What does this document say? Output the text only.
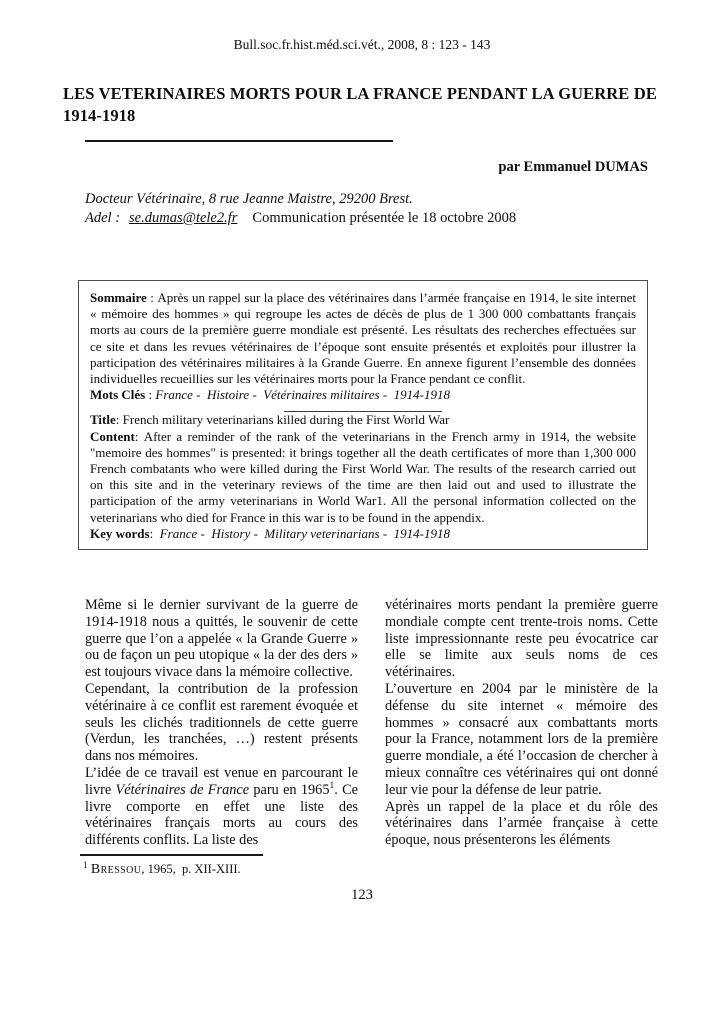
Bull.soc.fr.hist.méd.sci.vét., 2008, 8 : 123 - 143
LES VETERINAIRES MORTS POUR LA FRANCE PENDANT LA GUERRE DE 1914-1918
par Emmanuel DUMAS
Docteur Vétérinaire, 8 rue Jeanne Maistre, 29200 Brest.
Adel : se.dumas@tele2.fr Communication présentée le 18 octobre 2008

Sommaire : Après un rappel sur la place des vétérinaires dans l’armée française en 1914, le site internet « mémoire des hommes » qui regroupe les actes de décès de plus de 1 300 000 combattants français morts au cours de la première guerre mondiale est présenté. Les résultats des recherches effectuées sur ce site et dans les revues vétérinaires de l’époque sont ensuite présentés et exploités pour illustrer la participation des vétérinaires militaires à la Grande Guerre. En annexe figurent l’ensemble des données individuelles recueillies sur les vétérinaires morts pour la France pendant ce conflit.

Mots Clés : France -  Histoire -  Vétérinaires militaires -  1914-1918

Title: French military veterinarians killed during the First World War

Content: After a reminder of the rank of the veterinarians in the French army in 1914, the website "memoire des hommes" is presented: it brings together all the death certificates of more than 1,300 000 French combatants who were killed during the First World War. The results of the research carried out on this site and in the veterinary reviews of the time are then laid out and used to illustrate the participation of the army veterinarians in World War1. All the personal information collected on the veterinarians who died for France in this war is to be found in the appendix.

Key words:  France -  History -  Military veterinarians -  1914-1918

Même si le dernier survivant de la guerre de 1914-1918 nous a quittés, le souvenir de cette guerre que l’on a appelée « la Grande Guerre » ou de façon un peu utopique « la der des ders » est toujours vivace dans la mémoire collective.

Cependant, la contribution de la profession vétérinaire à ce conflit est rarement évoquée et seuls les clichés traditionnels de cette guerre (Verdun, les tranchées, …) restent présents dans nos mémoires.

L’idée de ce travail est venue en parcourant le livre Vétérinaires de France paru en 1965$^1$. Ce livre comporte en effet une liste des vétérinaires français morts au cours des différents conflits. La liste des

vétérinaires morts pendant la première guerre mondiale compte cent trente-trois noms. Cette liste impressionnante reste peu évocatrice car elle se limite aux seuls noms de ces vétérinaires.

L’ouverture en 2004 par le ministère de la défense du site internet « mémoire des hommes » consacré aux combattants morts pour la France, notamment lors de la première guerre mondiale, a été l’occasion de chercher à mieux connaître ces vétérinaires qui ont donné leur vie pour la défense de leur patrie.

Après un rappel de la place et du rôle des vétérinaires dans l’armée française à cette époque, nous présenterons les éléments

$^1$ Bressou, 1965,  p. XII-XIII.
123
